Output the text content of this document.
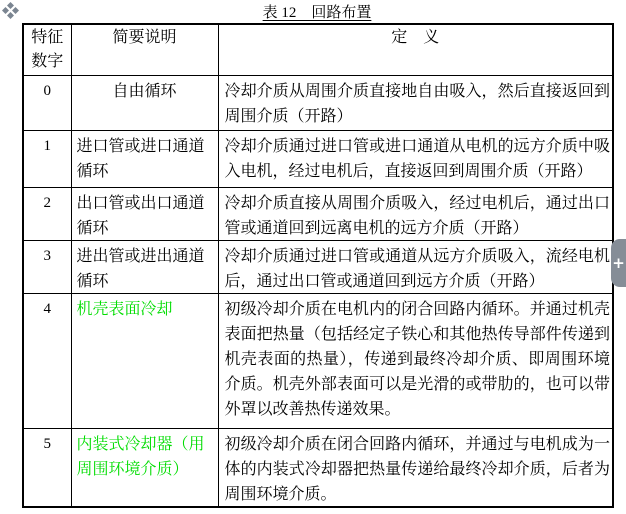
表 12　回路布置
特征
数字	简要说明	定　义
0	自由循环	冷却介质从周围介质直接地自由吸入，然后直接返回到周围介质（开路）
1	进口管或进口通道循环	冷却介质通过进口管或进口通道从电机的远方介质中吸入电机，经过电机后，直接返回到周围介质（开路）
2	出口管或出口通道循环	冷却介质直接从周围介质吸入，经过电机后，通过出口管或通道回到远离电机的远方介质（开路）
3	进出管或进出通道循环	冷却介质通过进口管或通道从远方介质吸入，流经电机后，通过出口管或通道回到远方介质（开路）
4	机壳表面冷却	初级冷却介质在电机内的闭合回路内循环。并通过机壳表面把热量（包括经定子铁心和其他热传导部件传递到机壳表面的热量），传递到最终冷却介质、即周围环境介质。机壳外部表面可以是光滑的或带肋的，也可以带外罩以改善热传递效果。
5	内装式冷却器（用周围环境介质）	初级冷却介质在闭合回路内循环，并通过与电机成为一体的内装式冷却器把热量传递给最终冷却介质，后者为周围环境介质。
+
